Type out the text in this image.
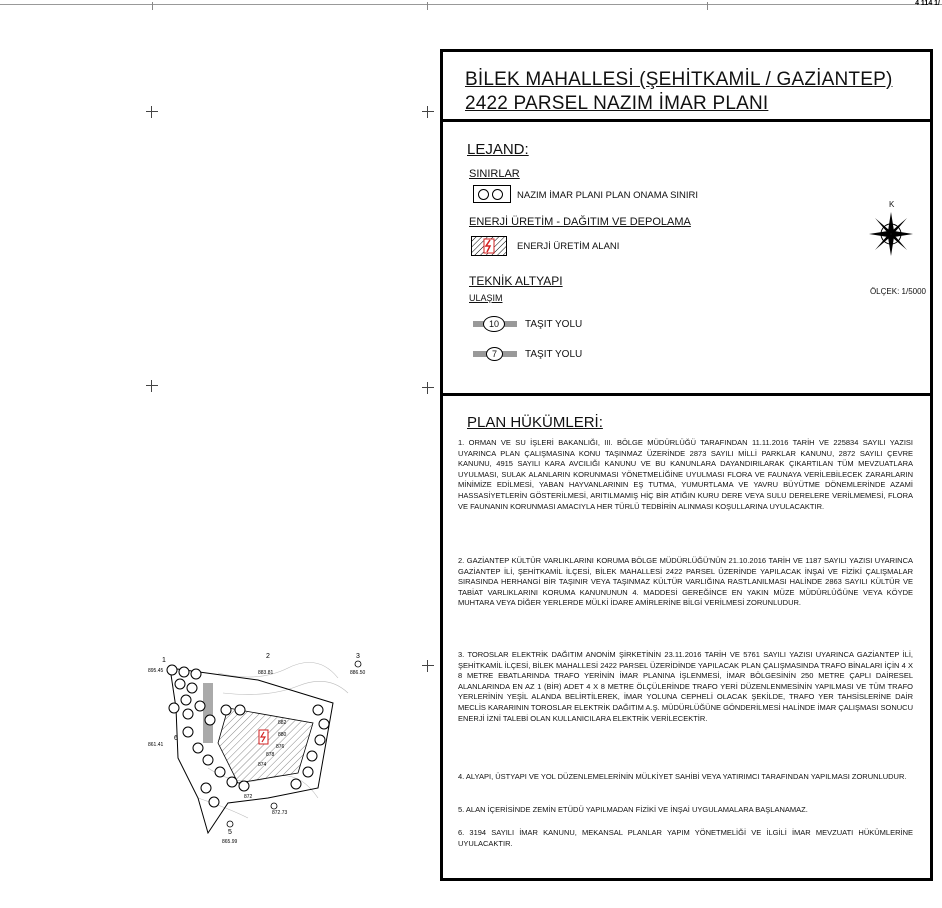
4 114 1/
BİLEK MAHALLESİ (ŞEHİTKAMİL / GAZİANTEP)
2422 PARSEL NAZIM İMAR PLANI
LEJAND:
K
ÖLÇEK: 1/5000
SINIRLAR
NAZIM İMAR PLANI PLAN ONAMA SINIRI
ENERJİ ÜRETİM - DAĞITIM VE DEPOLAMA
ENERJİ ÜRETİM ALANI
TEKNİK ALTYAPI
ULAŞIM
10	TAŞIT YOLU
7	TAŞIT YOLU
PLAN HÜKÜMLERİ:

1. ORMAN VE SU İŞLERİ BAKANLIĞI, III. BÖLGE MÜDÜRLÜĞÜ TARAFINDAN 11.11.2016 TARİH VE 225834 SAYILI YAZISI UYARINCA PLAN ÇALIŞMASINA KONU TAŞINMAZ ÜZERİNDE 2873 SAYILI MİLLİ PARKLAR KANUNU, 2872 SAYILI ÇEVRE KANUNU, 4915 SAYILI KARA AVCILIĞI KANUNU VE BU KANUNLARA DAYANDIRILARAK ÇIKARTILAN TÜM MEVZUATLARA UYULMASI, SULAK ALANLARIN KORUNMASI YÖNETMELİĞİNE UYULMASI FLORA VE FAUNAYA VERİLEBİLECEK ZARARLARIN MİNİMİZE EDİLMESİ, YABAN HAYVANLARININ EŞ TUTMA, YUMURTLAMA VE YAVRU BÜYÜTME DÖNEMLERİNDE AZAMİ HASSASİYETLERİN GÖSTERİLMESİ, ARITILMAMIŞ HİÇ BİR ATIĞIN KURU DERE VEYA SULU DERELERE VERİLMEMESİ, FLORA VE FAUNANIN KORUNMASI AMACIYLA HER TÜRLÜ TEDBİRİN ALINMASI KOŞULLARINA UYULACAKTIR.

2. GAZİANTEP KÜLTÜR VARLIKLARINI KORUMA BÖLGE MÜDÜRLÜĞÜ'NÜN 21.10.2016 TARİH VE 1187 SAYILI YAZISI UYARINCA GAZİANTEP İLİ, ŞEHİTKAMİL İLÇESİ, BİLEK MAHALLESİ 2422 PARSEL ÜZERİNDE YAPILACAK İNŞAİ VE FİZİKİ ÇALIŞMALAR SIRASINDA HERHANGİ BİR TAŞINIR VEYA TAŞINMAZ KÜLTÜR VARLIĞINA RASTLANILMASI HALİNDE 2863 SAYILI KÜLTÜR VE TABİAT VARLIKLARINI KORUMA KANUNUNUN 4. MADDESİ GEREĞİNCE EN YAKIN MÜZE MÜDÜRLÜĞÜNE VEYA KÖYDE MUHTARA VEYA DİĞER YERLERDE MÜLKİ İDARE AMİRLERİNE BİLGİ VERİLMESİ ZORUNLUDUR.

3. TOROSLAR ELEKTRİK DAĞITIM ANONİM ŞİRKETİNİN 23.11.2016 TARİH VE 5761 SAYILI YAZISI UYARINCA GAZİANTEP İLİ, ŞEHİTKAMİL İLÇESİ, BİLEK MAHALLESİ 2422 PARSEL ÜZERİDİNDE YAPILACAK PLAN ÇALIŞMASINDA TRAFO BİNALARI İÇİN 4 X 8 METRE EBATLARINDA TRAFO YERİNİN İMAR PLANINA İŞLENMESİ, İMAR BÖLGESİNİN 250 METRE ÇAPLI DAİRESEL ALANLARINDA EN AZ 1 (BİR) ADET 4 X 8 METRE ÖLÇÜLERİNDE TRAFO YERİ DÜZENLENMESİNİN YAPILMASI VE TÜM TRAFO YERLERİNİN YEŞİL ALANDA BELİRTİLEREK, İMAR YOLUNA CEPHELİ OLACAK ŞEKİLDE, TRAFO YER TAHSİSLERİNE DAİR MECLİS KARARININ TOROSLAR ELEKTRİK DAĞITIM A.Ş. MÜDÜRLÜĞÜNE GÖNDERİLMESİ HALİNDE İMAR ÇALIŞMASI SONUCU ENERJİ İZNİ TALEBİ OLAN KULLANICILARA ELEKTRİK VERİLECEKTİR.

4. ALYAPI, ÜSTYAPI VE YOL DÜZENLEMELERİNİN MÜLKİYET SAHİBİ VEYA YATIRIMCI TARAFINDAN YAPILMASI ZORUNLUDUR.

5. ALAN İÇERİSİNDE ZEMİN ETÜDÜ YAPILMADAN FİZİKİ VE İNŞAİ UYGULAMALARA BAŞLANAMAZ.

6. 3194 SAYILI İMAR KANUNU, MEKANSAL PLANLAR YAPIM YÖNETMELİĞİ VE İLGİLİ İMAR MEVZUATI HÜKÜMLERİNE UYULACAKTIR.

1
895.45
2
883.81
3
886.50
872.73
5
865.99
6
861.41
882
880
878
876
874
872
